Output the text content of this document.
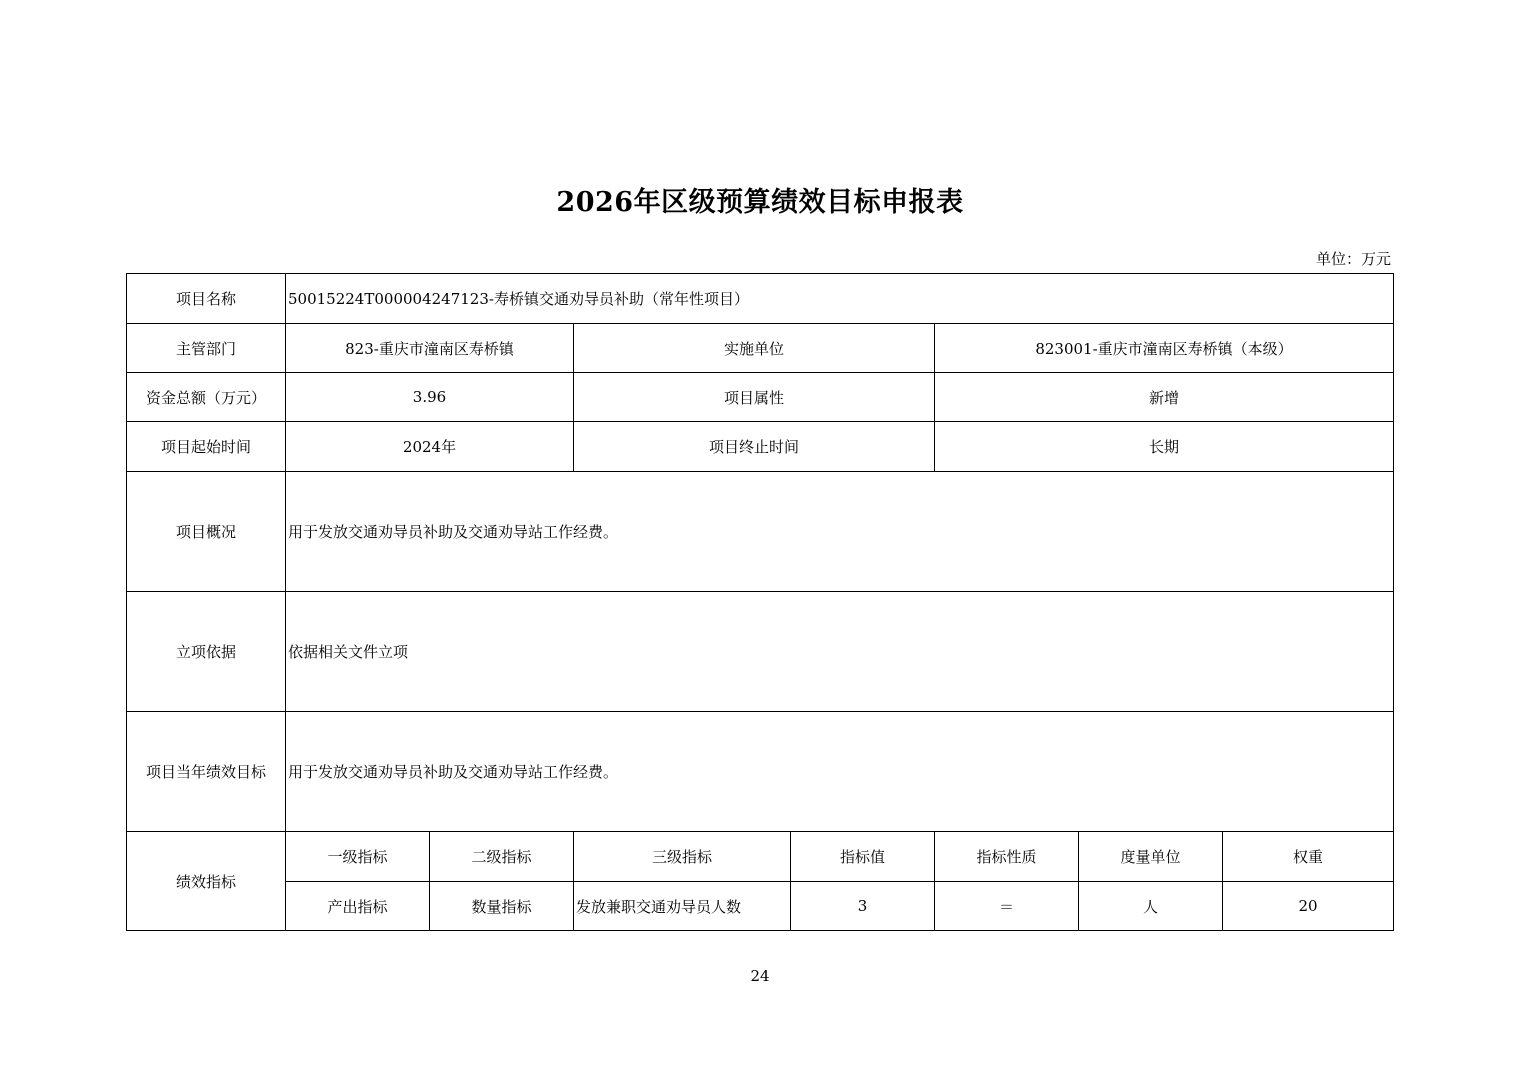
2026年区级预算绩效目标申报表
单位：万元
项目名称	50015224T000004247123-寿桥镇交通劝导员补助（常年性项目）						
主管部门	823-重庆市潼南区寿桥镇		实施单位		823001-重庆市潼南区寿桥镇（本级）		
资金总额（万元）	3.96		项目属性		新增		
项目起始时间	2024年		项目终止时间		长期		
项目概况	用于发放交通劝导员补助及交通劝导站工作经费。						
立项依据	依据相关文件立项						
项目当年绩效目标	用于发放交通劝导员补助及交通劝导站工作经费。						
绩效指标	一级指标	二级指标	三级指标	指标值	指标性质	度量单位	权重
	产出指标	数量指标	发放兼职交通劝导员人数	3	＝	人	20
24
